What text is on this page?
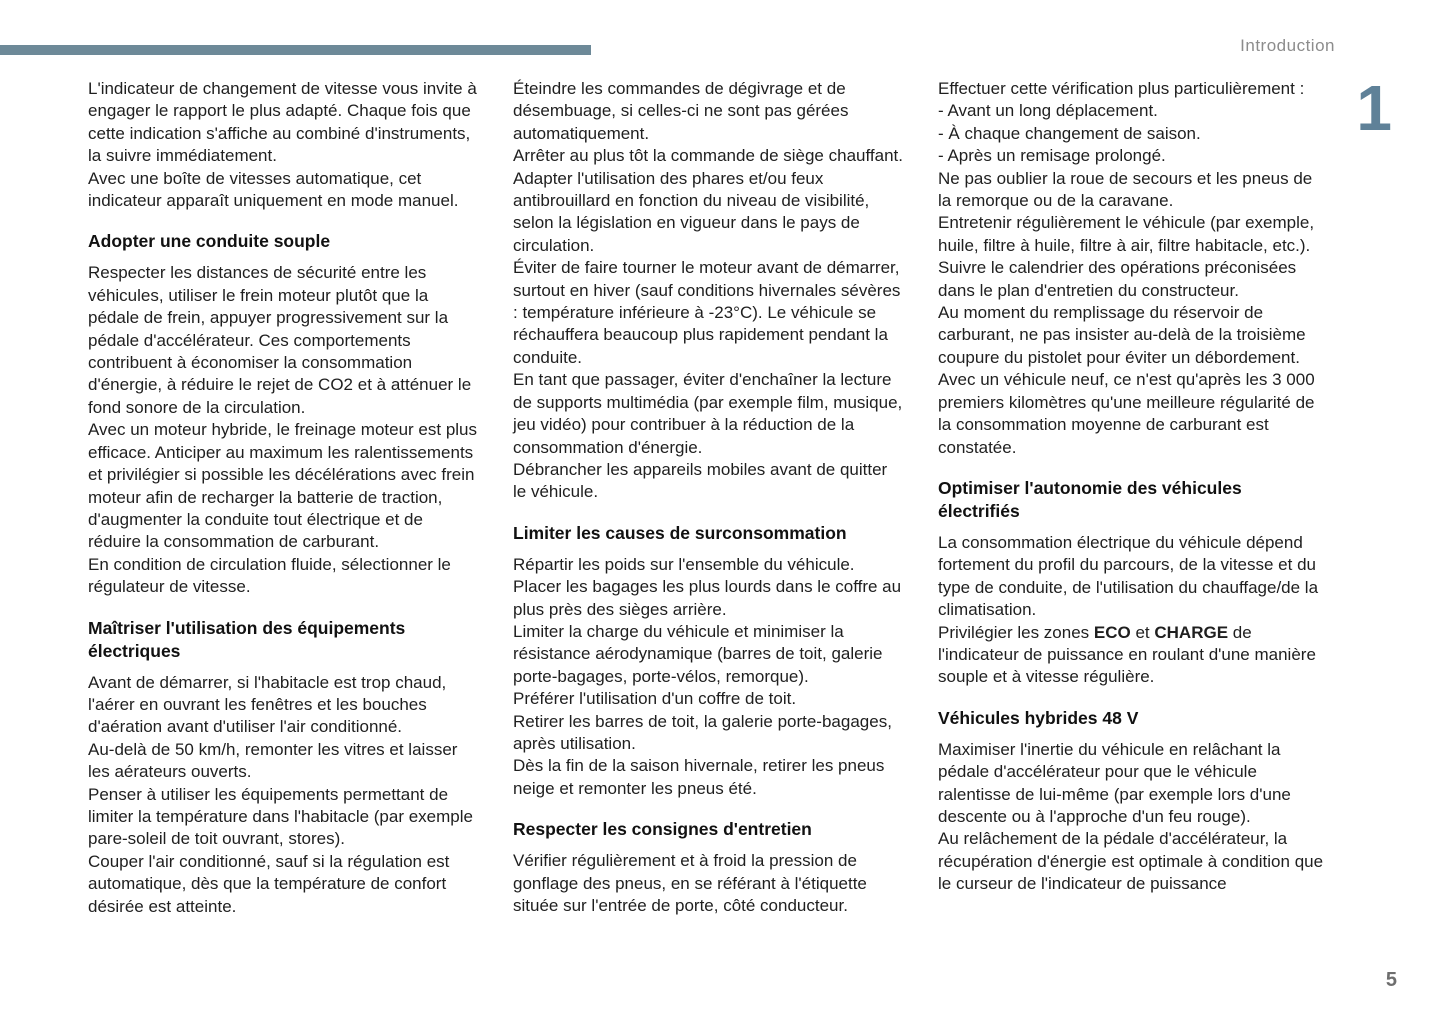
Introduction
1
L'indicateur de changement de vitesse vous invite à engager le rapport le plus adapté. Chaque fois que cette indication s'affiche au combiné d'instruments, la suivre immédiatement.
Avec une boîte de vitesses automatique, cet indicateur apparaît uniquement en mode manuel.
Adopter une conduite souple
Respecter les distances de sécurité entre les véhicules, utiliser le frein moteur plutôt que la pédale de frein, appuyer progressivement sur la pédale d'accélérateur. Ces comportements contribuent à économiser la consommation d'énergie, à réduire le rejet de CO2 et à atténuer le fond sonore de la circulation.
Avec un moteur hybride, le freinage moteur est plus efficace. Anticiper au maximum les ralentissements et privilégier si possible les décélérations avec frein moteur afin de recharger la batterie de traction, d'augmenter la conduite tout électrique et de réduire la consommation de carburant.
En condition de circulation fluide, sélectionner le régulateur de vitesse.
Maîtriser l'utilisation des équipements électriques
Avant de démarrer, si l'habitacle est trop chaud, l'aérer en ouvrant les fenêtres et les bouches d'aération avant d'utiliser l'air conditionné.
Au-delà de 50 km/h, remonter les vitres et laisser les aérateurs ouverts.
Penser à utiliser les équipements permettant de limiter la température dans l'habitacle (par exemple pare-soleil de toit ouvrant, stores).
Couper l'air conditionné, sauf si la régulation est automatique, dès que la température de confort désirée est atteinte.
Éteindre les commandes de dégivrage et de désembuage, si celles-ci ne sont pas gérées automatiquement.
Arrêter au plus tôt la commande de siège chauffant.
Adapter l'utilisation des phares et/ou feux antibrouillard en fonction du niveau de visibilité, selon la législation en vigueur dans le pays de circulation.
Éviter de faire tourner le moteur avant de démarrer, surtout en hiver (sauf conditions hivernales sévères : température inférieure à -23°C). Le véhicule se réchauffera beaucoup plus rapidement pendant la conduite.
En tant que passager, éviter d'enchaîner la lecture de supports multimédia (par exemple film, musique, jeu vidéo) pour contribuer à la réduction de la consommation d'énergie.
Débrancher les appareils mobiles avant de quitter le véhicule.
Limiter les causes de surconsommation
Répartir les poids sur l'ensemble du véhicule.
Placer les bagages les plus lourds dans le coffre au plus près des sièges arrière.
Limiter la charge du véhicule et minimiser la résistance aérodynamique (barres de toit, galerie porte-bagages, porte-vélos, remorque).
Préférer l'utilisation d'un coffre de toit.
Retirer les barres de toit, la galerie porte-bagages, après utilisation.
Dès la fin de la saison hivernale, retirer les pneus neige et remonter les pneus été.
Respecter les consignes d'entretien
Vérifier régulièrement et à froid la pression de gonflage des pneus, en se référant à l'étiquette située sur l'entrée de porte, côté conducteur.
Effectuer cette vérification plus particulièrement :
- Avant un long déplacement.
- À chaque changement de saison.
- Après un remisage prolongé.
Ne pas oublier la roue de secours et les pneus de la remorque ou de la caravane.
Entretenir régulièrement le véhicule (par exemple, huile, filtre à huile, filtre à air, filtre habitacle, etc.). Suivre le calendrier des opérations préconisées dans le plan d'entretien du constructeur.
Au moment du remplissage du réservoir de carburant, ne pas insister au-delà de la troisième coupure du pistolet pour éviter un débordement.
Avec un véhicule neuf, ce n'est qu'après les 3 000 premiers kilomètres qu'une meilleure régularité de la consommation moyenne de carburant est constatée.
Optimiser l'autonomie des véhicules électrifiés
La consommation électrique du véhicule dépend fortement du profil du parcours, de la vitesse et du type de conduite, de l'utilisation du chauffage/de la climatisation.
Privilégier les zones ECO et CHARGE de l'indicateur de puissance en roulant d'une manière souple et à vitesse régulière.
Véhicules hybrides 48 V
Maximiser l'inertie du véhicule en relâchant la pédale d'accélérateur pour que le véhicule ralentisse de lui-même (par exemple lors d'une descente ou à l'approche d'un feu rouge).
Au relâchement de la pédale d'accélérateur, la récupération d'énergie est optimale à condition que le curseur de l'indicateur de puissance
5
